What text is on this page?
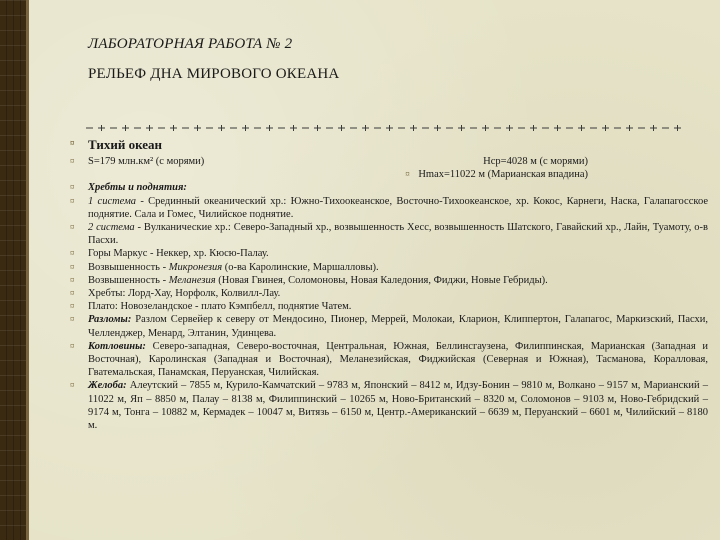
ЛАБОРАТОРНАЯ РАБОТА № 2
РЕЛЬЕФ ДНА МИРОВОГО ОКЕАНА
¤	Тихий океан
¤	S=179 млн.км² (с морями)	Hср=4028 м (с морями)
¤ Hmax=11022 м (Марианская впадина)
¤	Хребты и поднятия:
¤	1 система - Срединный океанический хр.: Южно-Тихоокеанское, Восточно-Тихоокеанское, хр. Кокос, Карнеги, Наска, Галапагосское поднятие. Сала и Гомес, Чилийское поднятие.
¤	2 система - Вулканические хр.: Северо-Западный хр., возвышенность Хесс, возвышенность Шатского, Гавайский хр., Лайн, Туамоту, о-в Пасхи.
¤	Горы Маркус - Неккер, хр. Кюсю-Палау.
¤	Возвышенность - Микронезия (о-ва Каролинские, Маршалловы).
¤	Возвышенность - Меланезия (Новая Гвинея, Соломоновы, Новая Каледония, Фиджи, Новые Гебриды).
¤	Хребты: Лорд-Хау, Норфолк, Колвилл-Лау.
¤	Плато: Новозеландское - плато Кэмпбелл, поднятие Чатем.
¤	Разломы: Разлом Сервейер к северу от Мендосино, Пионер, Меррей, Молокаи, Кларион, Клиппертон, Галапагос, Маркизский, Пасхи, Челленджер, Менард, Элтанин, Удинцева.
¤	Котловины: Северо-западная, Северо-восточная, Центральная, Южная, Беллинсгаузена, Филиппинская, Марианская (Западная и Восточная), Каролинская (Западная и Восточная), Меланезийская, Фиджийская (Северная и Южная), Тасманова, Коралловая, Гватемальская, Панамская, Перуанская, Чилийская.
¤	Желоба: Алеутский – 7855 м, Курило-Камчатский – 9783 м, Японский – 8412 м, Идзу-Бонин – 9810 м, Волкано – 9157 м, Марианский – 11022 м, Яп – 8850 м, Палау – 8138 м, Филиппинский – 10265 м, Ново-Британский – 8320 м, Соломонов – 9103 м, Ново-Гебридский – 9174 м, Тонга – 10882 м, Кермадек – 10047 м, Витязь – 6150 м, Центр.-Американский – 6639 м, Перуанский – 6601 м, Чилийский – 8180 м.
